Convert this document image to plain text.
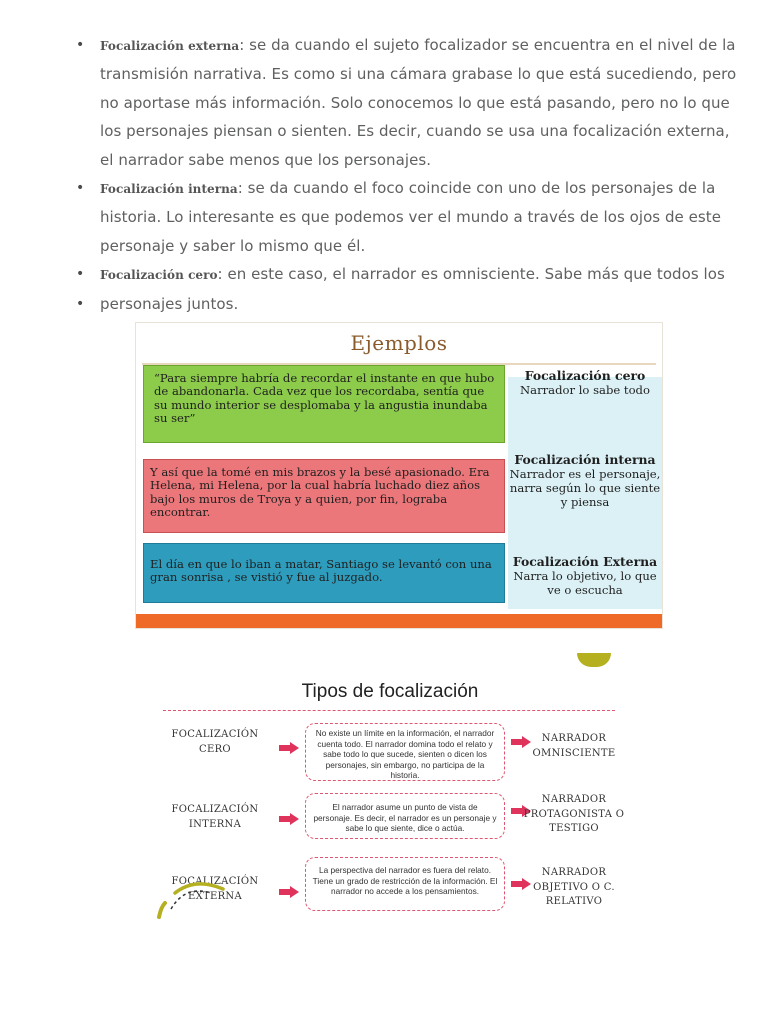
• Focalización externa: se da cuando el sujeto focalizador se encuentra en el nivel de la transmisión narrativa. Es como si una cámara grabase lo que está sucediendo, pero no aportase más información. Solo conocemos lo que está pasando, pero no lo que los personajes piensan o sienten. Es decir, cuando se usa una focalización externa, el narrador sabe menos que los personajes.
• Focalización interna: se da cuando el foco coincide con uno de los personajes de la historia. Lo interesante es que podemos ver el mundo a través de los ojos de este personaje y saber lo mismo que él.
• Focalización cero: en este caso, el narrador es omnisciente. Sabe más que todos los
• personajes juntos.
Ejemplos
“Para siempre habría de recordar el instante en que hubo de abandonarla. Cada vez que los recordaba, sentía que su mundo interior se desplomaba y la angustia inundaba su ser”
Focalización cero
Narrador lo sabe todo
Y así que la tomé en mis brazos y la besé apasionado. Era Helena, mi Helena, por la cual habría luchado diez años bajo los muros de Troya y a quien, por fin, lograba encontrar.
Focalización interna
Narrador es el personaje, narra según lo que siente y piensa
El día en que lo iban a matar, Santiago se levantó con una gran sonrisa , se vistió y fue al juzgado.
Focalización Externa
Narra lo objetivo, lo que ve o escucha
Tipos de focalización
FOCALIZACIÓN CERO
No existe un límite en la información, el narrador cuenta todo. El narrador domina todo el relato y sabe todo lo que sucede, sienten o dicen los personajes, sin embargo, no participa de la historia.
NARRADOR OMNISCIENTE
FOCALIZACIÓN INTERNA
El narrador asume un punto de vista de personaje. Es decir, el narrador es un personaje y sabe lo que siente, dice o actúa.
NARRADOR PROTAGONISTA O TESTIGO
FOCALIZACIÓN EXTERNA
La perspectiva del narrador es fuera del relato. Tiene un grado de restricción de la información. El narrador no accede a los pensamientos.
NARRADOR OBJETIVO O C. RELATIVO
